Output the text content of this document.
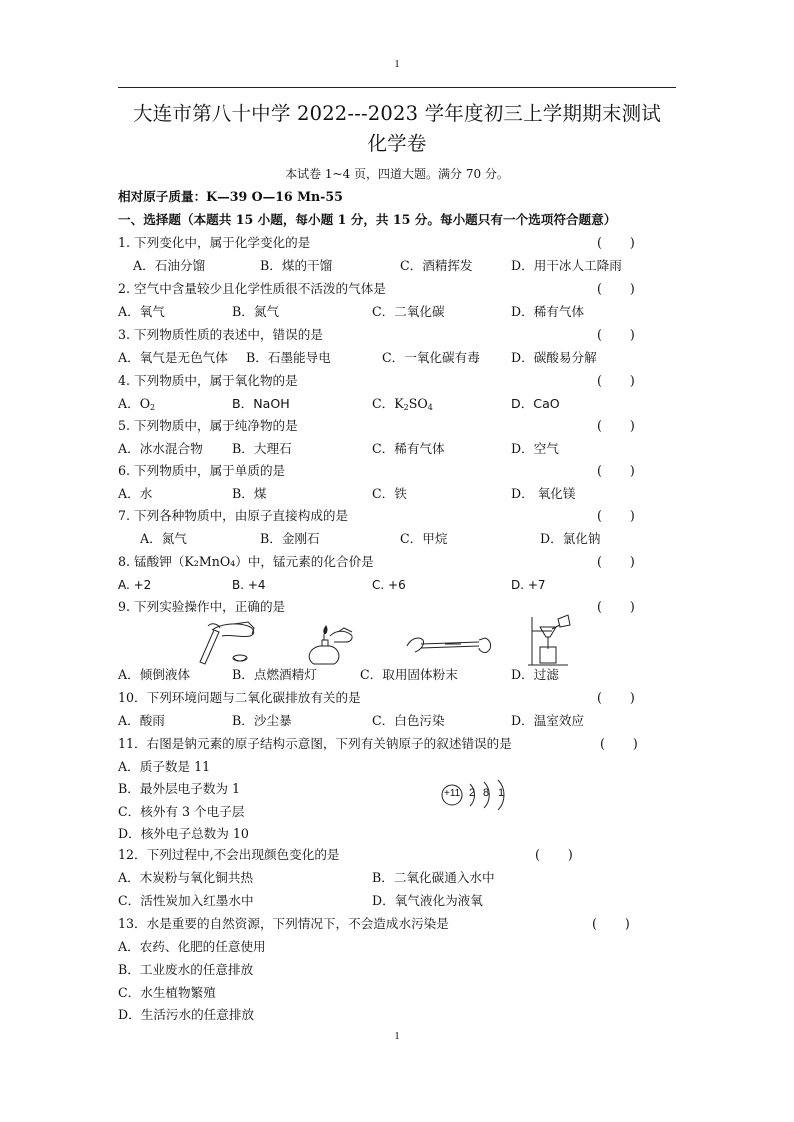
1
大连市第八十中学 2022---2023 学年度初三上学期期末测试
化学卷
本试卷 1~4 页，四道大题。满分 70 分。
相对原子质量：K—39 O—16 Mn-55
一、选择题（本题共 15 小题，每小题 1 分，共 15 分。每小题只有一个选项符合题意）
1. 下列变化中，属于化学变化的是	(       )
A．石油分馏	B．煤的干馏	C．酒精挥发	D．用干冰人工降雨
2. 空气中含量较少且化学性质很不活泼的气体是	(       )
A．氧气	B．氮气	C．二氧化碳	D．稀有气体
3. 下列物质性质的表述中，错误的是	(       )
A．氧气是无色气体 B．石墨能导电	C．一氧化碳有毒 D．碳酸易分解
4. 下列物质中，属于氧化物的是	(       )
A．$O_2$	B．NaOH	C．$K_2SO_4$	D．CaO
5. 下列物质中，属于纯净物的是	(       )
A．冰水混合物 B．大理石	C．稀有气体	D．空气
6. 下列物质中，属于单质的是	(       )
A．水	B．煤	C．铁	D． 氧化镁
7. 下列各种物质中，由原子直接构成的是	(       )
A．氮气	B．金刚石	C．甲烷	D．氯化钠
8. 锰酸钾（K₂MnO₄）中，锰元素的化合价是	(       )
A. +2	B. +4	C. +6	D. +7
9. 下列实验操作中，正确的是	(       )
A．倾倒液体	B．点燃酒精灯	C．取用固体粉末	D．过滤
10．下列环境问题与二氧化碳排放有关的是	(       )
A．酸雨	B．沙尘暴	C．白色污染	D．温室效应
11．右图是钠元素的原子结构示意图，下列有关钠原子的叙述错误的是	(       )
A．质子数是 11
B．最外层电子数为 1
C．核外有 3 个电子层
D．核外电子总数为 10
+11 2 8 1
12．下列过程中,不会出现颜色变化的是	(       )
A．木炭粉与氧化铜共热	B．二氧化碳通入水中
C．活性炭加入红墨水中	D．氧气液化为液氧
13．水是重要的自然资源，下列情况下，不会造成水污染是	(       )
A．农药、化肥的任意使用
B．工业废水的任意排放
C．水生植物繁殖
D．生活污水的任意排放
1
